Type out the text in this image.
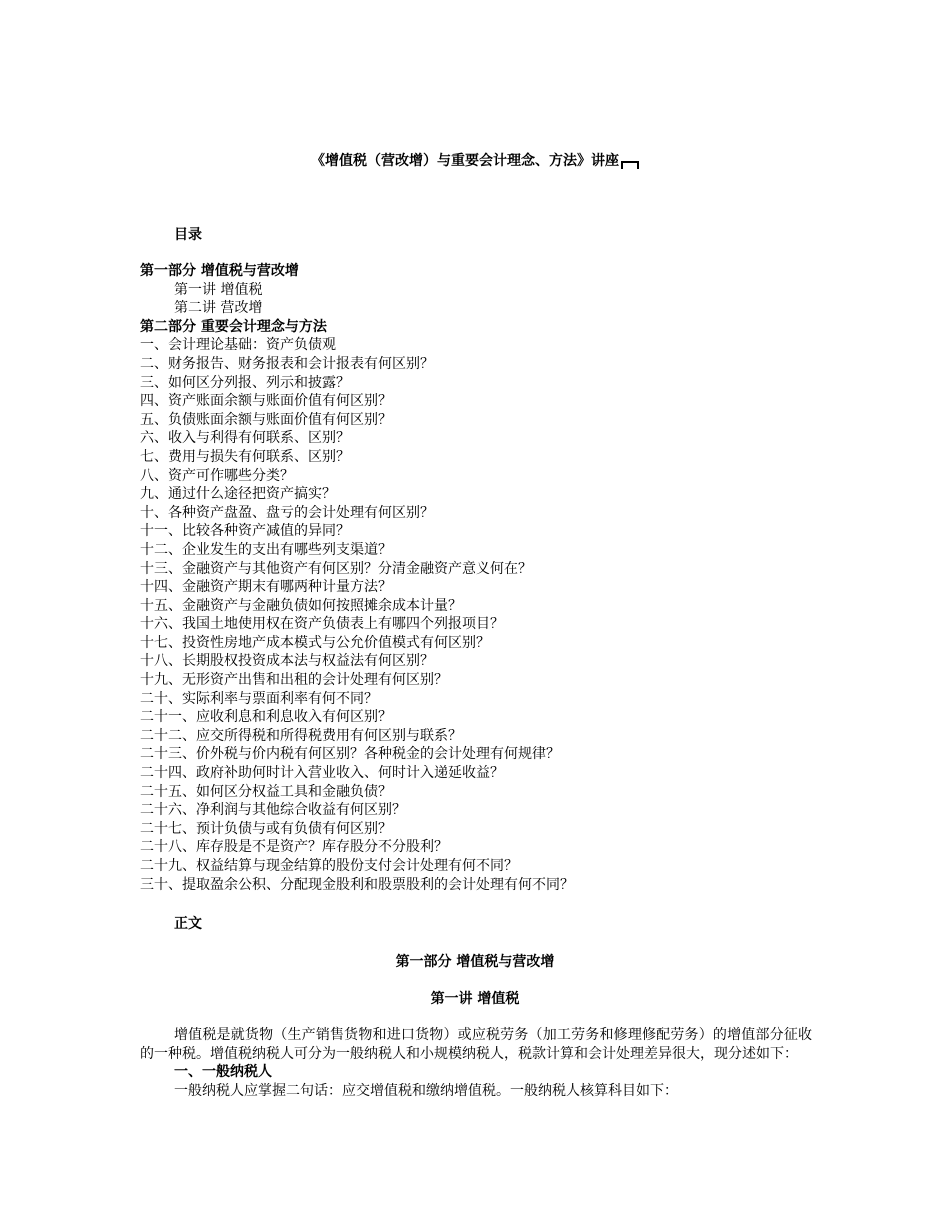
《增值税（营改增）与重要会计理念、方法》讲座
目录
第一部分 增值税与营改增
第一讲 增值税
第二讲 营改增
第二部分 重要会计理念与方法
一、会计理论基础：资产负债观
二、财务报告、财务报表和会计报表有何区别？
三、如何区分列报、列示和披露？
四、资产账面余额与账面价值有何区别？
五、负债账面余额与账面价值有何区别？
六、收入与利得有何联系、区别？
七、费用与损失有何联系、区别？
八、资产可作哪些分类？
九、通过什么途径把资产搞实？
十、各种资产盘盈、盘亏的会计处理有何区别？
十一、比较各种资产减值的异同？
十二、企业发生的支出有哪些列支渠道？
十三、金融资产与其他资产有何区别？分清金融资产意义何在？
十四、金融资产期末有哪两种计量方法？
十五、金融资产与金融负债如何按照摊余成本计量？
十六、我国土地使用权在资产负债表上有哪四个列报项目？
十七、投资性房地产成本模式与公允价值模式有何区别？
十八、长期股权投资成本法与权益法有何区别？
十九、无形资产出售和出租的会计处理有何区别？
二十、实际利率与票面利率有何不同？
二十一、应收利息和利息收入有何区别？
二十二、应交所得税和所得税费用有何区别与联系？
二十三、价外税与价内税有何区别？各种税金的会计处理有何规律？
二十四、政府补助何时计入营业收入、何时计入递延收益？
二十五、如何区分权益工具和金融负债？
二十六、净利润与其他综合收益有何区别？
二十七、预计负债与或有负债有何区别？
二十八、库存股是不是资产？库存股分不分股利？
二十九、权益结算与现金结算的股份支付会计处理有何不同？
三十、提取盈余公积、分配现金股利和股票股利的会计处理有何不同？
正文
第一部分 增值税与营改增
第一讲 增值税

增值税是就货物（生产销售货物和进口货物）或应税劳务（加工劳务和修理修配劳务）的增值部分征收的一种税。增值税纳税人可分为一般纳税人和小规模纳税人，税款计算和会计处理差异很大，现分述如下：

一、一般纳税人
一般纳税人应掌握二句话：应交增值税和缴纳增值税。一般纳税人核算科目如下：
